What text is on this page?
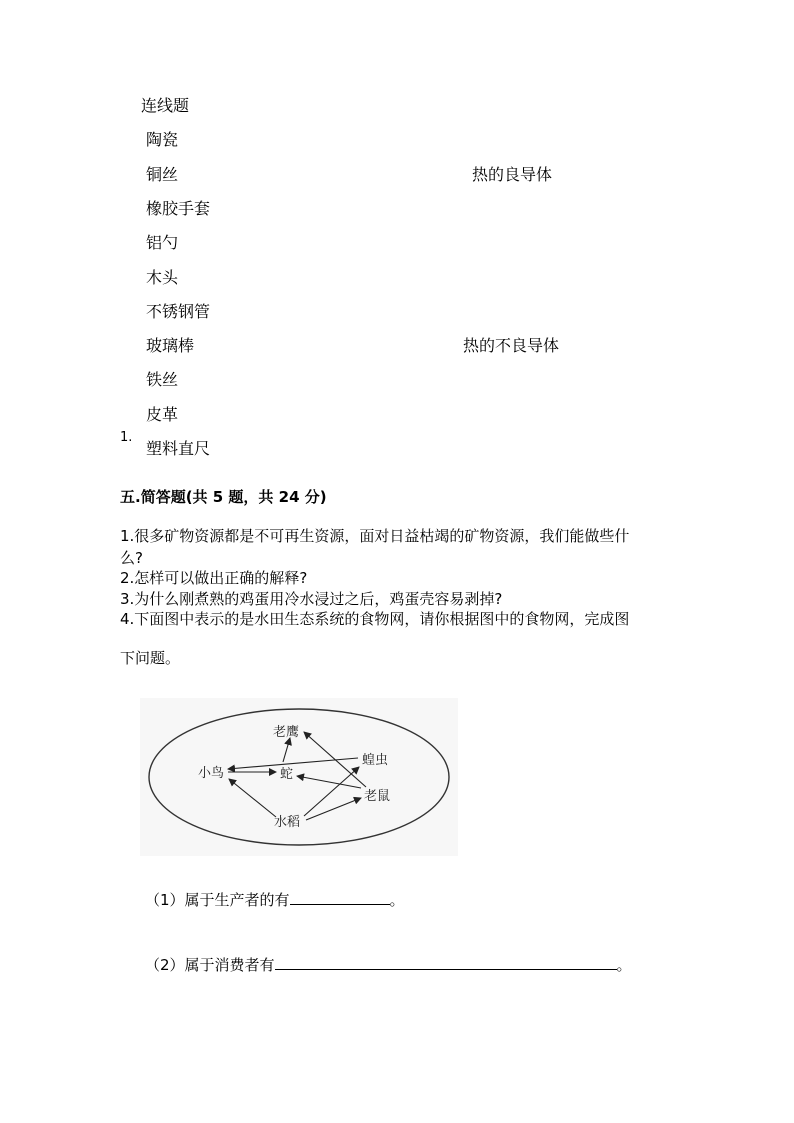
连线题
陶瓷
铜丝
橡胶手套
铝勺
木头
不锈钢管
玻璃棒
铁丝
皮革
塑料直尺
热的良导体
热的不良导体
1.
五.简答题(共 5 题，共 24 分)
1.很多矿物资源都是不可再生资源，面对日益枯竭的矿物资源，我们能做些什
么?
2.怎样可以做出正确的解释?
3.为什么刚煮熟的鸡蛋用冷水浸过之后，鸡蛋壳容易剥掉?
4.下面图中表示的是水田生态系统的食物网，请你根据图中的食物网，完成图
下问题。
老鹰
蝗虫
小鸟	蛇
老鼠
水稻
（1）属于生产者的有	。
（2）属于消费者有	。
